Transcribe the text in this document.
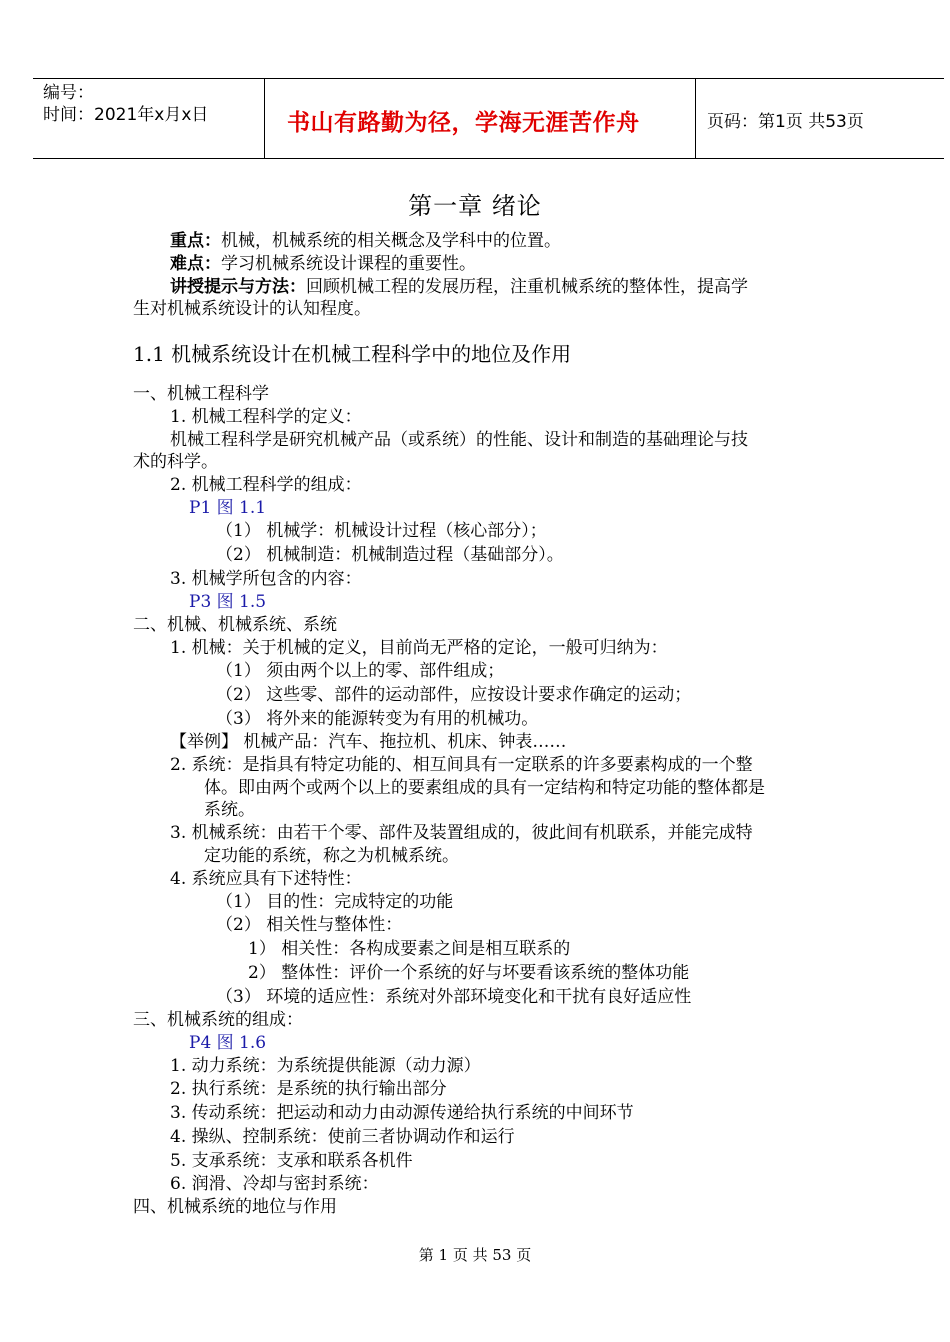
编号：
时间：2021年x月x日	书山有路勤为径，学海无涯苦作舟	页码：第1页 共53页
第一章 绪论
重点：机械，机械系统的相关概念及学科中的位置。
难点：学习机械系统设计课程的重要性。
讲授提示与方法：回顾机械工程的发展历程，注重机械系统的整体性，提高学
生对机械系统设计的认知程度。
1.1 机械系统设计在机械工程科学中的地位及作用
一、机械工程科学
1. 机械工程科学的定义：
机械工程科学是研究机械产品（或系统）的性能、设计和制造的基础理论与技
术的科学。
2. 机械工程科学的组成：
P1 图 1.1
（1） 机械学：机械设计过程（核心部分）；
（2） 机械制造：机械制造过程（基础部分）。
3. 机械学所包含的内容：
P3 图 1.5
二、机械、机械系统、系统
1. 机械：关于机械的定义，目前尚无严格的定论，一般可归纳为：
（1） 须由两个以上的零、部件组成；
（2） 这些零、部件的运动部件，应按设计要求作确定的运动；
（3） 将外来的能源转变为有用的机械功。
【举例】 机械产品：汽车、拖拉机、机床、钟表……
2. 系统：是指具有特定功能的、相互间具有一定联系的许多要素构成的一个整
体。即由两个或两个以上的要素组成的具有一定结构和特定功能的整体都是
系统。
3. 机械系统：由若干个零、部件及装置组成的，彼此间有机联系，并能完成特
定功能的系统，称之为机械系统。
4. 系统应具有下述特性：
（1） 目的性：完成特定的功能
（2） 相关性与整体性：
1） 相关性：各构成要素之间是相互联系的
2） 整体性：评价一个系统的好与坏要看该系统的整体功能
（3） 环境的适应性：系统对外部环境变化和干扰有良好适应性
三、机械系统的组成：
P4 图 1.6
1. 动力系统：为系统提供能源（动力源）
2. 执行系统：是系统的执行输出部分
3. 传动系统：把运动和动力由动源传递给执行系统的中间环节
4. 操纵、控制系统：使前三者协调动作和运行
5. 支承系统：支承和联系各机件
6. 润滑、冷却与密封系统：
四、机械系统的地位与作用
第 1 页 共 53 页
